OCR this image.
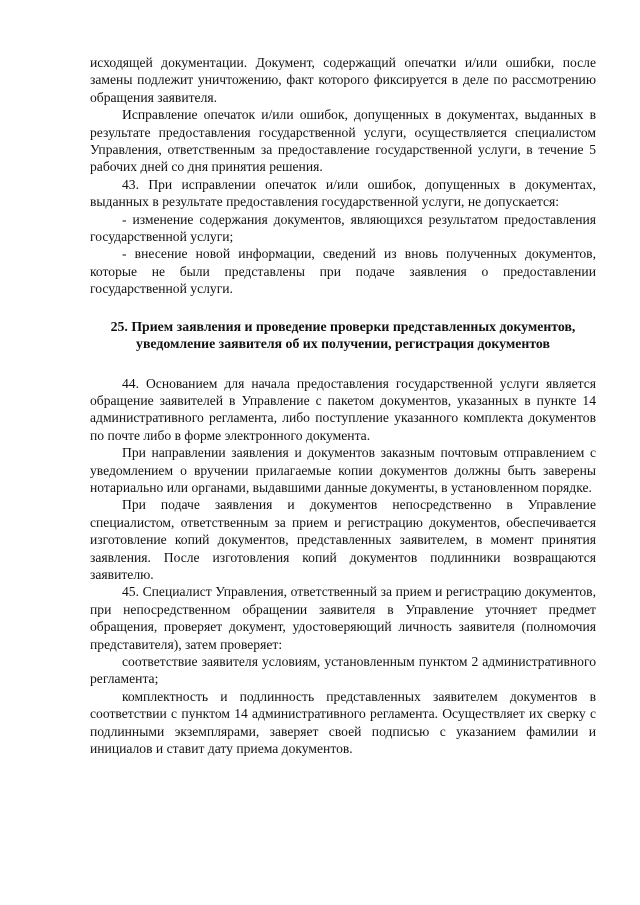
исходящей документации. Документ, содержащий опечатки и/или ошибки, после замены подлежит уничтожению, факт которого фиксируется в деле по рассмотрению обращения заявителя.

Исправление опечаток и/или ошибок, допущенных в документах, выданных в результате предоставления государственной услуги, осуществляется специалистом Управления, ответственным за предоставление государственной услуги, в течение 5 рабочих дней со дня принятия решения.

43. При исправлении опечаток и/или ошибок, допущенных в документах, выданных в результате предоставления государственной услуги, не допускается:

- изменение содержания документов, являющихся результатом предоставления государственной услуги;

- внесение новой информации, сведений из вновь полученных документов, которые не были представлены при подаче заявления о предоставлении государственной услуги.

25. Прием заявления и проведение проверки представленных документов, уведомление заявителя об их получении, регистрация документов

44. Основанием для начала предоставления государственной услуги является обращение заявителей в Управление с пакетом документов, указанных в пункте 14 административного регламента, либо поступление указанного комплекта документов по почте либо в форме электронного документа.

При направлении заявления и документов заказным почтовым отправлением с уведомлением о вручении прилагаемые копии документов должны быть заверены нотариально или органами, выдавшими данные документы, в установленном порядке.

При подаче заявления и документов непосредственно в Управление специалистом, ответственным за прием и регистрацию документов, обеспечивается изготовление копий документов, представленных заявителем, в момент принятия заявления. После изготовления копий документов подлинники возвращаются заявителю.

45. Специалист Управления, ответственный за прием и регистрацию документов, при непосредственном обращении заявителя в Управление уточняет предмет обращения, проверяет документ, удостоверяющий личность заявителя (полномочия представителя), затем проверяет:

соответствие заявителя условиям, установленным пунктом 2 административного регламента;

комплектность и подлинность представленных заявителем документов в соответствии с пунктом 14 административного регламента. Осуществляет их сверку с подлинными экземплярами, заверяет своей подписью с указанием фамилии и инициалов и ставит дату приема документов.
